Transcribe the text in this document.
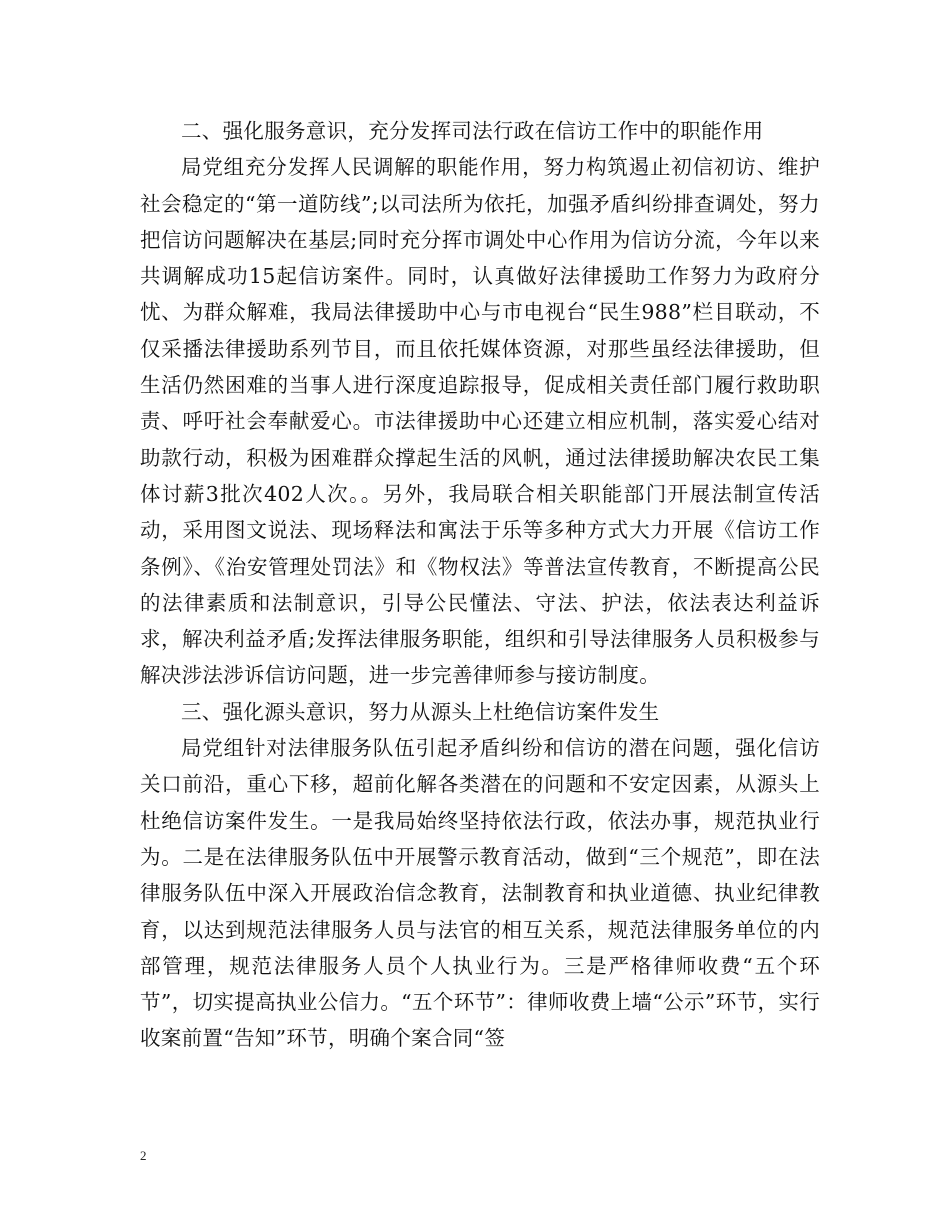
二、强化服务意识，充分发挥司法行政在信访工作中的职能作用

局党组充分发挥人民调解的职能作用，努力构筑遏止初信初访、维护社会稳定的“第一道防线”;以司法所为依托，加强矛盾纠纷排查调处，努力把信访问题解决在基层;同时充分挥市调处中心作用为信访分流，今年以来共调解成功15起信访案件。同时，认真做好法律援助工作努力为政府分忧、为群众解难，我局法律援助中心与市电视台“民生988”栏目联动，不仅采播法律援助系列节目，而且依托媒体资源，对那些虽经法律援助，但生活仍然困难的当事人进行深度追踪报导，促成相关责任部门履行救助职责、呼吁社会奉献爱心。市法律援助中心还建立相应机制，落实爱心结对助款行动，积极为困难群众撑起生活的风帆，通过法律援助解决农民工集体讨薪3批次402人次。。另外，我局联合相关职能部门开展法制宣传活动，采用图文说法、现场释法和寓法于乐等多种方式大力开展《信访工作条例》、《治安管理处罚法》和《物权法》等普法宣传教育，不断提高公民的法律素质和法制意识，引导公民懂法、守法、护法，依法表达利益诉求，解决利益矛盾;发挥法律服务职能，组织和引导法律服务人员积极参与解决涉法涉诉信访问题，进一步完善律师参与接访制度。

三、强化源头意识，努力从源头上杜绝信访案件发生

局党组针对法律服务队伍引起矛盾纠纷和信访的潜在问题，强化信访关口前沿，重心下移，超前化解各类潜在的问题和不安定因素，从源头上杜绝信访案件发生。一是我局始终坚持依法行政，依法办事，规范执业行为。二是在法律服务队伍中开展警示教育活动，做到“三个规范”，即在法律服务队伍中深入开展政治信念教育，法制教育和执业道德、执业纪律教育，以达到规范法律服务人员与法官的相互关系，规范法律服务单位的内部管理，规范法律服务人员个人执业行为。三是严格律师收费“五个环节”，切实提高执业公信力。“五个环节”：律师收费上墙“公示”环节，实行收案前置“告知”环节，明确个案合同“签

2
